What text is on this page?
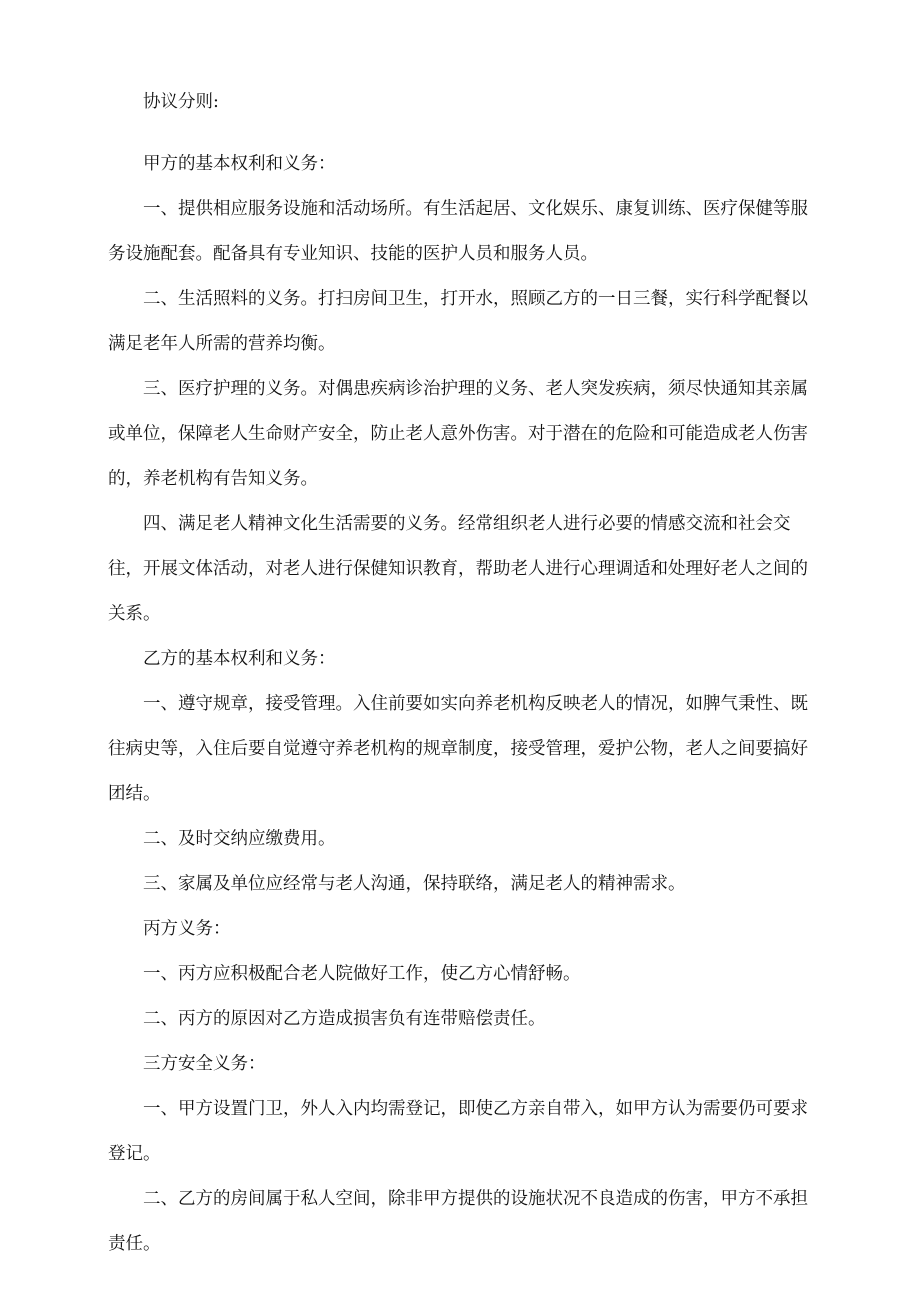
协议分则:

甲方的基本权利和义务：

一、提供相应服务设施和活动场所。有生活起居、文化娱乐、康复训练、医疗保健等服务设施配套。配备具有专业知识、技能的医护人员和服务人员。

二、生活照料的义务。打扫房间卫生，打开水，照顾乙方的一日三餐，实行科学配餐以满足老年人所需的营养均衡。

三、医疗护理的义务。对偶患疾病诊治护理的义务、老人突发疾病，须尽快通知其亲属或单位，保障老人生命财产安全，防止老人意外伤害。对于潜在的危险和可能造成老人伤害的，养老机构有告知义务。

四、满足老人精神文化生活需要的义务。经常组织老人进行必要的情感交流和社会交往，开展文体活动，对老人进行保健知识教育，帮助老人进行心理调适和处理好老人之间的关系。

乙方的基本权利和义务：

一、遵守规章，接受管理。入住前要如实向养老机构反映老人的情况，如脾气秉性、既往病史等，入住后要自觉遵守养老机构的规章制度，接受管理，爱护公物，老人之间要搞好团结。

二、及时交纳应缴费用。

三、家属及单位应经常与老人沟通，保持联络，满足老人的精神需求。

丙方义务：

一、丙方应积极配合老人院做好工作，使乙方心情舒畅。

二、丙方的原因对乙方造成损害负有连带赔偿责任。

三方安全义务：

一、甲方设置门卫，外人入内均需登记，即使乙方亲自带入，如甲方认为需要仍可要求登记。

二、乙方的房间属于私人空间，除非甲方提供的设施状况不良造成的伤害，甲方不承担责任。
